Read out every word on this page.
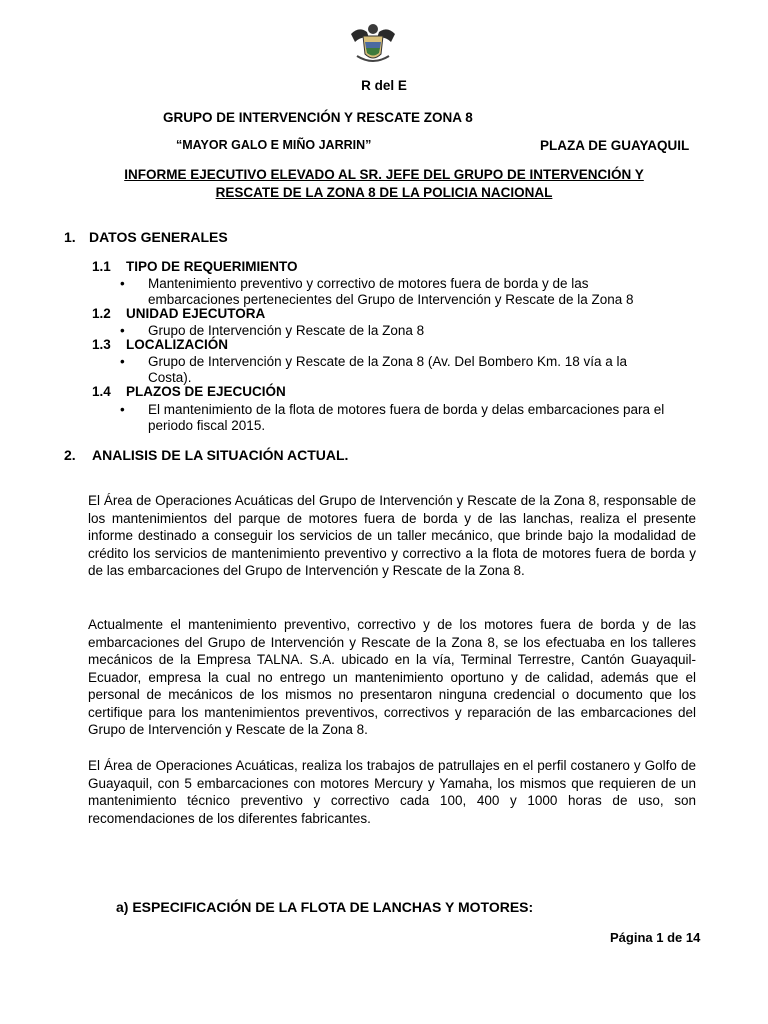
R del E
GRUPO DE INTERVENCIÓN Y RESCATE ZONA 8
“MAYOR GALO E MIÑO JARRIN”	PLAZA DE GUAYAQUIL
INFORME EJECUTIVO ELEVADO AL SR. JEFE DEL GRUPO DE INTERVENCIÓN Y
RESCATE DE LA ZONA 8 DE LA POLICIA NACIONAL
1. DATOS GENERALES
1.1 TIPO DE REQUERIMIENTO
• Mantenimiento preventivo y correctivo de motores fuera de borda y de las
embarcaciones pertenecientes del Grupo de Intervención y Rescate de la Zona 8
1.2 UNIDAD EJECUTORA
• Grupo de Intervención y Rescate de la Zona 8
1.3 LOCALIZACIÓN
• Grupo de Intervención y Rescate de la Zona 8 (Av. Del Bombero Km. 18 vía a la
Costa).
1.4 PLAZOS DE EJECUCIÓN
• El mantenimiento de la flota de motores fuera de borda y delas embarcaciones para el
periodo fiscal 2015.
2. ANALISIS DE LA SITUACIÓN ACTUAL.
El Área de Operaciones Acuáticas del Grupo de Intervención y Rescate de la Zona 8, responsable de los mantenimientos del parque de motores fuera de borda y de las lanchas, realiza el presente informe destinado a conseguir los servicios de un taller mecánico, que brinde bajo la modalidad de crédito los servicios de mantenimiento preventivo y correctivo a la flota de motores fuera de borda y de las embarcaciones del Grupo de Intervención y Rescate de la Zona 8.
Actualmente el mantenimiento preventivo, correctivo y de los motores fuera de borda y de las embarcaciones del Grupo de Intervención y Rescate de la Zona 8, se los efectuaba en los talleres mecánicos de la Empresa TALNA. S.A. ubicado en la vía, Terminal Terrestre, Cantón Guayaquil- Ecuador, empresa la cual no entrego un mantenimiento oportuno y de calidad, además que el personal de mecánicos de los mismos no presentaron ninguna credencial o documento que los certifique para los mantenimientos preventivos, correctivos y reparación de las embarcaciones del Grupo de Intervención y Rescate de la Zona 8.
El Área de Operaciones Acuáticas, realiza los trabajos de patrullajes en el perfil costanero y Golfo de Guayaquil, con 5 embarcaciones con motores Mercury y Yamaha, los mismos que requieren de un mantenimiento técnico preventivo y correctivo cada 100, 400 y 1000 horas de uso, son recomendaciones de los diferentes fabricantes.
a) ESPECIFICACIÓN DE LA FLOTA DE LANCHAS Y MOTORES:
Página 1 de 14
